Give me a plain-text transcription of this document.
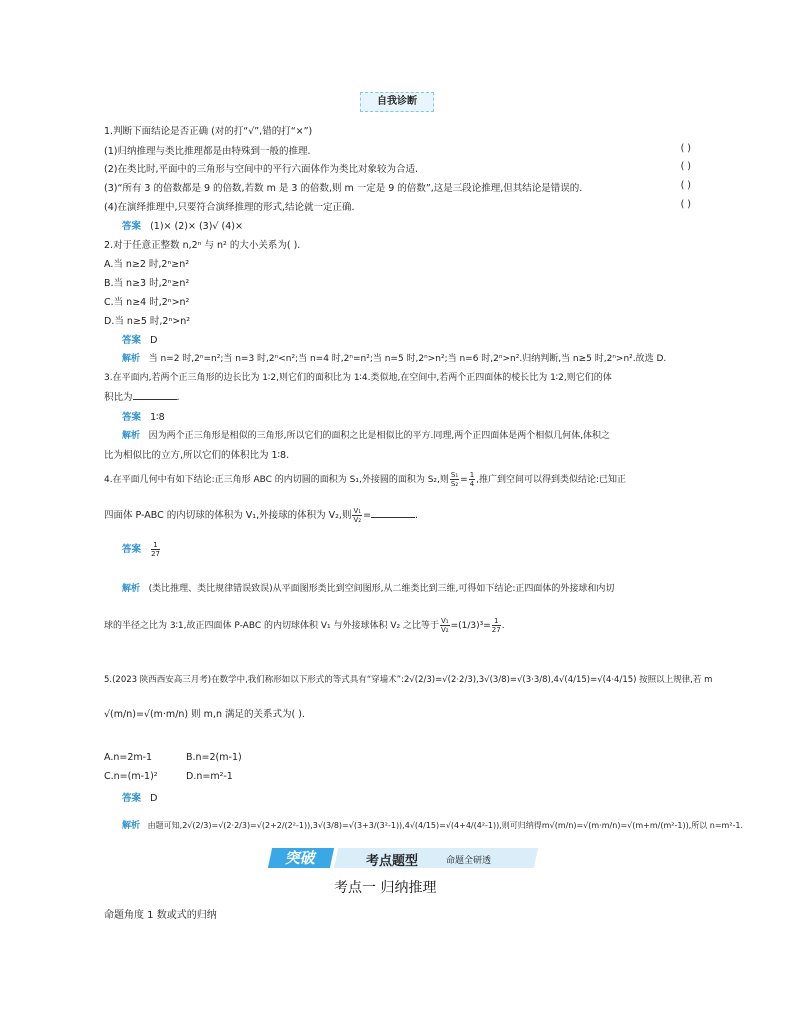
自我诊断
1.判断下面结论是否正确 (对的打“√”,错的打“×”)
(1)归纳推理与类比推理都是由特殊到一般的推理.	( )
(2)在类比时,平面中的三角形与空间中的平行六面体作为类比对象较为合适.	( )
(3)“所有 3 的倍数都是 9 的倍数,若数 m 是 3 的倍数,则 m 一定是 9 的倍数”,这是三段论推理,但其结论是错误的.	( )
(4)在演绎推理中,只要符合演绎推理的形式,结论就一定正确.	( )
答案 (1)× (2)× (3)√ (4)×
2.对于任意正整数 n,2ⁿ 与 n² 的大小关系为( ).
A.当 n≥2 时,2ⁿ≥n²
B.当 n≥3 时,2ⁿ≥n²
C.当 n≥4 时,2ⁿ>n²
D.当 n≥5 时,2ⁿ>n²
答案 D
解析 当 n=2 时,2ⁿ=n²;当 n=3 时,2ⁿ<n²;当 n=4 时,2ⁿ=n²;当 n=5 时,2ⁿ>n²;当 n=6 时,2ⁿ>n².归纳判断,当 n≥5 时,2ⁿ>n².故选 D.
3.在平面内,若两个正三角形的边长比为 1∶2,则它们的面积比为 1∶4.类似地,在空间中,若两个正四面体的棱长比为 1∶2,则它们的体
积比为	.
答案 1∶8
解析 因为两个正三角形是相似的三角形,所以它们的面积之比是相似比的平方.同理,两个正四面体是两个相似几何体,体积之
比为相似比的立方,所以它们的体积比为 1∶8.
4.在平面几何中有如下结论:正三角形 ABC 的内切圆的面积为 S₁,外接圆的面积为 S₂,则 $\frac{\text{S₁}}{\text{S₂}} = \frac{1}{4}$ ,推广到空间可以得到类似结论:已知正
四面体 P-ABC 的内切球的体积为 V₁,外接球的体积为 V₂,则 $\frac{\text{V₁}}{\text{V₂}}$ =	.
答案 $\frac{1}{27}$
解析 (类比推理、类比规律错误致误)从平面图形类比到空间图形,从二维类比到三维,可得如下结论:正四面体的外接球和内切
球的半径之比为 3∶1,故正四面体 P-ABC 的内切球体积 V₁ 与外接球体积 V₂ 之比等于 $\frac{\text{V₁}}{\text{V₂}} =(1/3)^3= \frac{1}{27}$ .
5.(2023 陕西西安高三月考)在数学中,我们称形如以下形式的等式具有“穿墙术”:2√(2/3)=√(2·2/3),3√(3/8)=√(3·3/8),4√(4/15)=√(4·4/15) 按照以上规律,若 m
√(m/n)=√(m·m/n) 则 m,n 满足的关系式为( ).
A.n=2m-1	B.n=2(m-1)
C.n=(m-1)²	D.n=m²-1
答案 D
解析 由题可知,2√(2/3)=√(2·2/3)=√(2+2/(2²-1)),3√(3/8)=√(3+3/(3²-1)),4√(4/15)=√(4+4/(4²-1)),则可归纳得m√(m/n)=√(m·m/n)=√(m+m/(m²-1)),所以 n=m²-1.
突破	考点题型	命题全研透
考点一 归纳推理
命题角度 1 数或式的归纳
